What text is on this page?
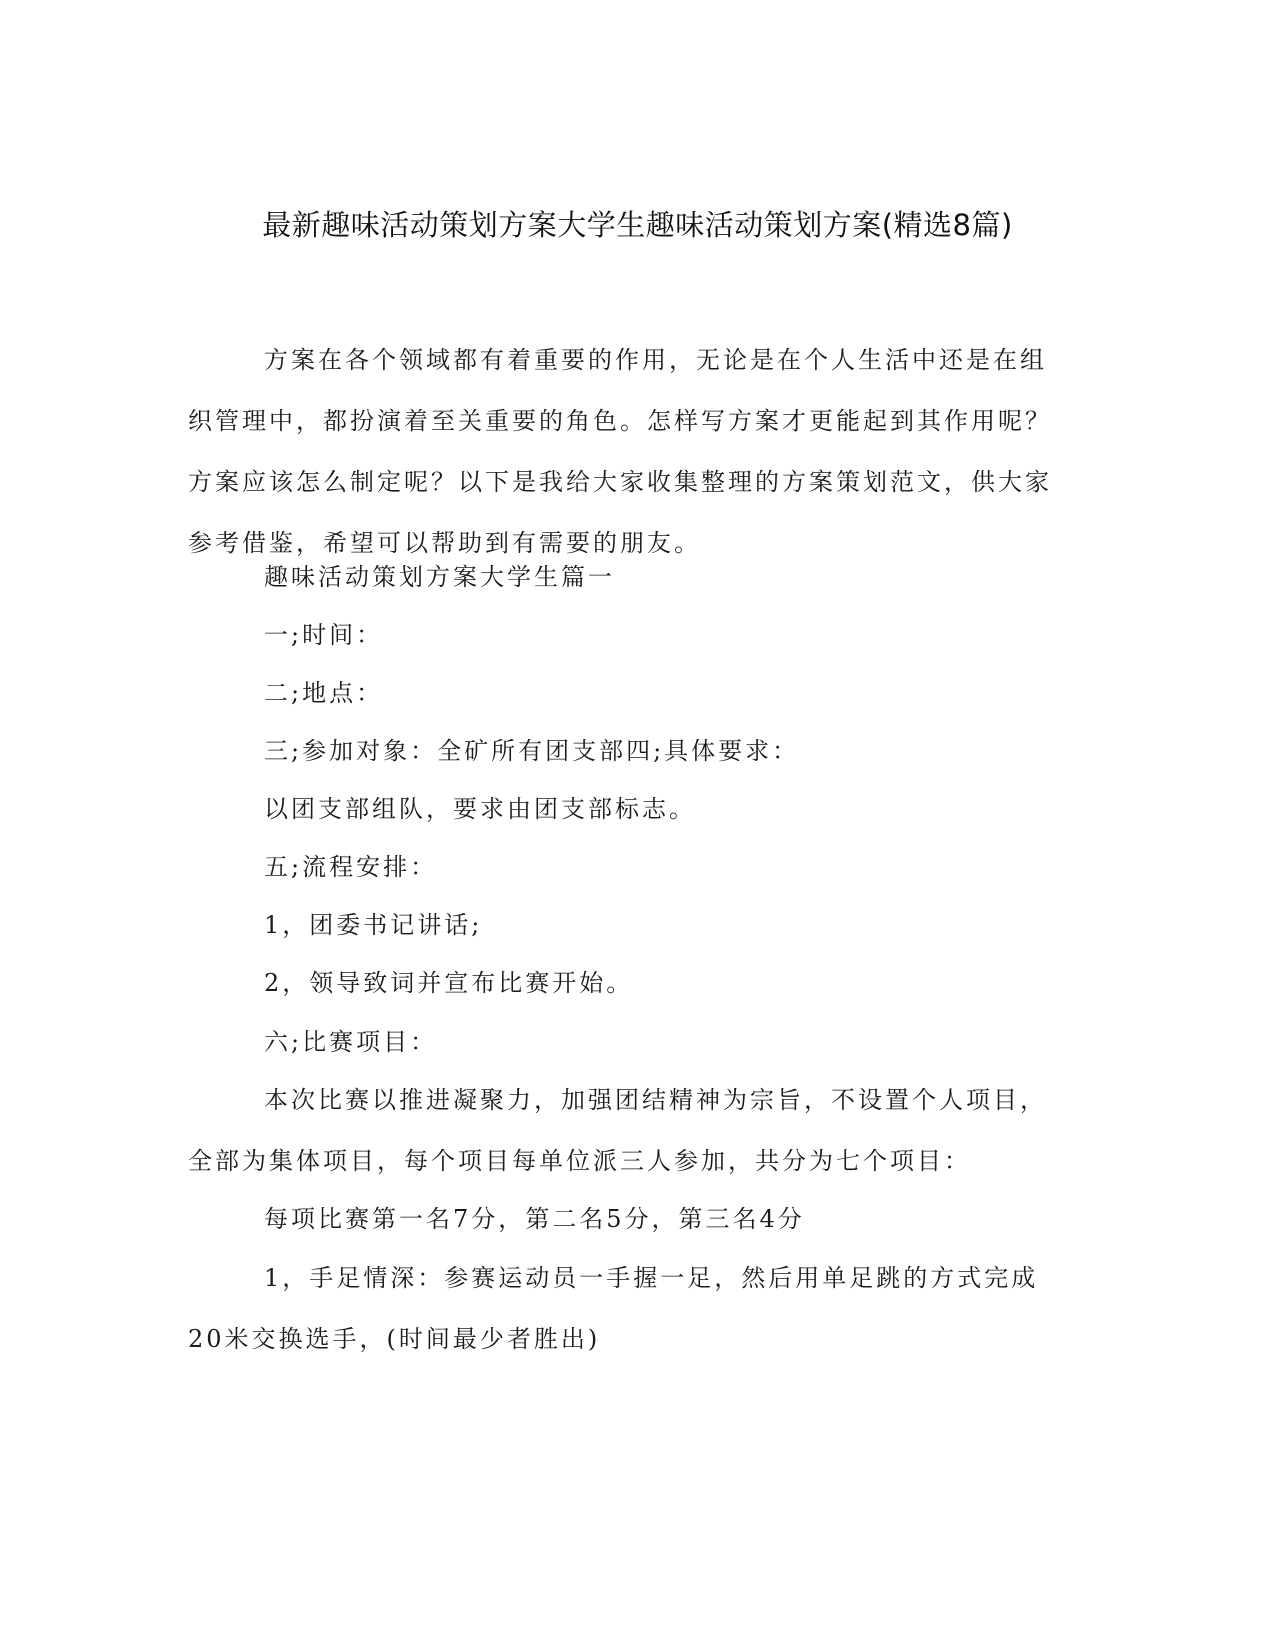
最新趣味活动策划方案大学生趣味活动策划方案(精选8篇)

方案在各个领域都有着重要的作用，无论是在个人生活中还是在组织管理中，都扮演着至关重要的角色。怎样写方案才更能起到其作用呢？方案应该怎么制定呢？以下是我给大家收集整理的方案策划范文，供大家参考借鉴，希望可以帮助到有需要的朋友。

趣味活动策划方案大学生篇一

一;时间：

二;地点：

三;参加对象：全矿所有团支部四;具体要求：

以团支部组队，要求由团支部标志。

五;流程安排：

1，团委书记讲话;

2，领导致词并宣布比赛开始。

六;比赛项目：

本次比赛以推进凝聚力，加强团结精神为宗旨，不设置个人项目，全部为集体项目，每个项目每单位派三人参加，共分为七个项目：

每项比赛第一名7分，第二名5分，第三名4分

1，手足情深：参赛运动员一手握一足，然后用单足跳的方式完成20米交换选手，(时间最少者胜出)
